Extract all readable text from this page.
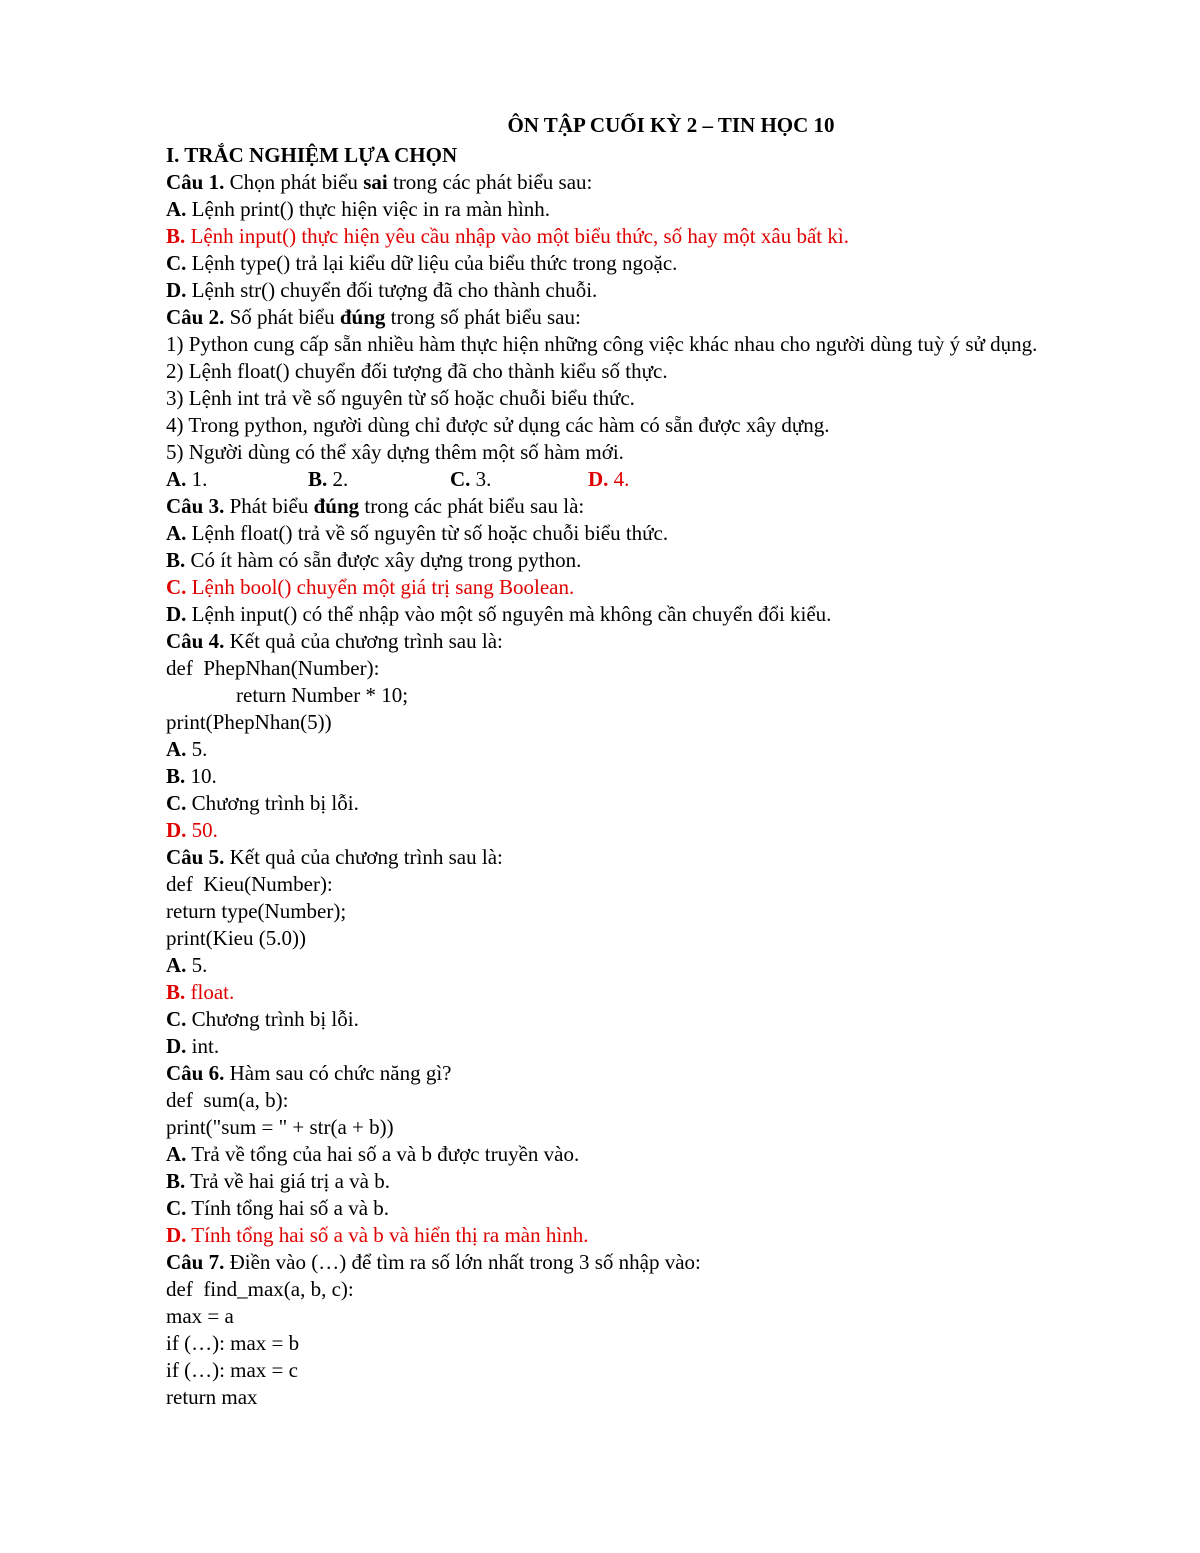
ÔN TẬP CUỐI KỲ 2 – TIN HỌC 10
I. TRẮC NGHIỆM LỰA CHỌN
Câu 1. Chọn phát biểu sai trong các phát biểu sau:
A. Lệnh print() thực hiện việc in ra màn hình.
B. Lệnh input() thực hiện yêu cầu nhập vào một biểu thức, số hay một xâu bất kì.
C. Lệnh type() trả lại kiểu dữ liệu của biểu thức trong ngoặc.
D. Lệnh str() chuyển đối tượng đã cho thành chuỗi.
Câu 2. Số phát biểu đúng trong số phát biểu sau:
1) Python cung cấp sẵn nhiều hàm thực hiện những công việc khác nhau cho người dùng tuỳ ý sử dụng.
2) Lệnh float() chuyển đối tượng đã cho thành kiểu số thực.
3) Lệnh int trả về số nguyên từ số hoặc chuỗi biểu thức.
4) Trong python, người dùng chỉ được sử dụng các hàm có sẵn được xây dựng.
5) Người dùng có thể xây dựng thêm một số hàm mới.
A. 1.	B. 2.	C. 3.	D. 4.
Câu 3. Phát biểu đúng trong các phát biểu sau là:
A. Lệnh float() trả về số nguyên từ số hoặc chuỗi biểu thức.
B. Có ít hàm có sẵn được xây dựng trong python.
C. Lệnh bool() chuyển một giá trị sang Boolean.
D. Lệnh input() có thể nhập vào một số nguyên mà không cần chuyển đổi kiểu.
Câu 4. Kết quả của chương trình sau là:
def  PhepNhan(Number):
return Number * 10;
print(PhepNhan(5))
A. 5.
B. 10.
C. Chương trình bị lỗi.
D. 50.
Câu 5. Kết quả của chương trình sau là:
def  Kieu(Number):
return type(Number);
print(Kieu (5.0))
A. 5.
B. float.
C. Chương trình bị lỗi.
D. int.
Câu 6. Hàm sau có chức năng gì?
def  sum(a, b):
print("sum = " + str(a + b))
A. Trả về tổng của hai số a và b được truyền vào.
B. Trả về hai giá trị a và b.
C. Tính tổng hai số a và b.
D. Tính tổng hai số a và b và hiển thị ra màn hình.
Câu 7. Điền vào (…) để tìm ra số lớn nhất trong 3 số nhập vào:
def  find_max(a, b, c):
max = a
if (…): max = b
if (…): max = c
return max
